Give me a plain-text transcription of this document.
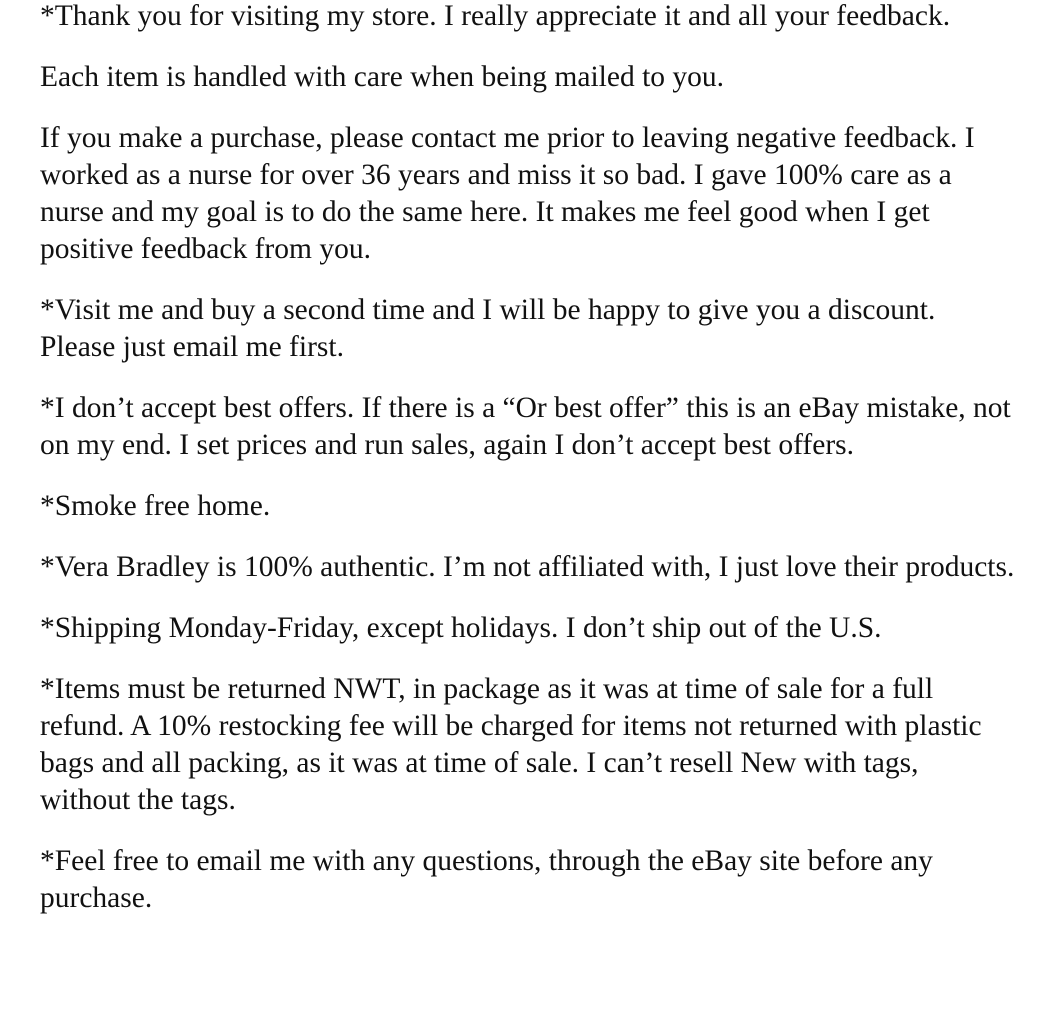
*Thank you for visiting my store. I really appreciate it and all your feedback.

Each item is handled with care when being mailed to you.

If you make a purchase, please contact me prior to leaving negative feedback. I worked as a nurse for over 36 years and miss it so bad. I gave 100% care as a nurse and my goal is to do the same here. It makes me feel good when I get positive feedback from you.

*Visit me and buy a second time and I will be happy to give you a discount. Please just email me first.

*I don’t accept best offers. If there is a “Or best offer” this is an eBay mistake, not on my end. I set prices and run sales, again I don’t accept best offers.

*Smoke free home.

*Vera Bradley is 100% authentic. I’m not affiliated with, I just love their products.

*Shipping Monday-Friday, except holidays. I don’t ship out of the U.S.

*Items must be returned NWT, in package as it was at time of sale for a full refund. A 10% restocking fee will be charged for items not returned with plastic bags and all packing, as it was at time of sale. I can’t resell New with tags, without the tags.

*Feel free to email me with any questions, through the eBay site before any purchase.
